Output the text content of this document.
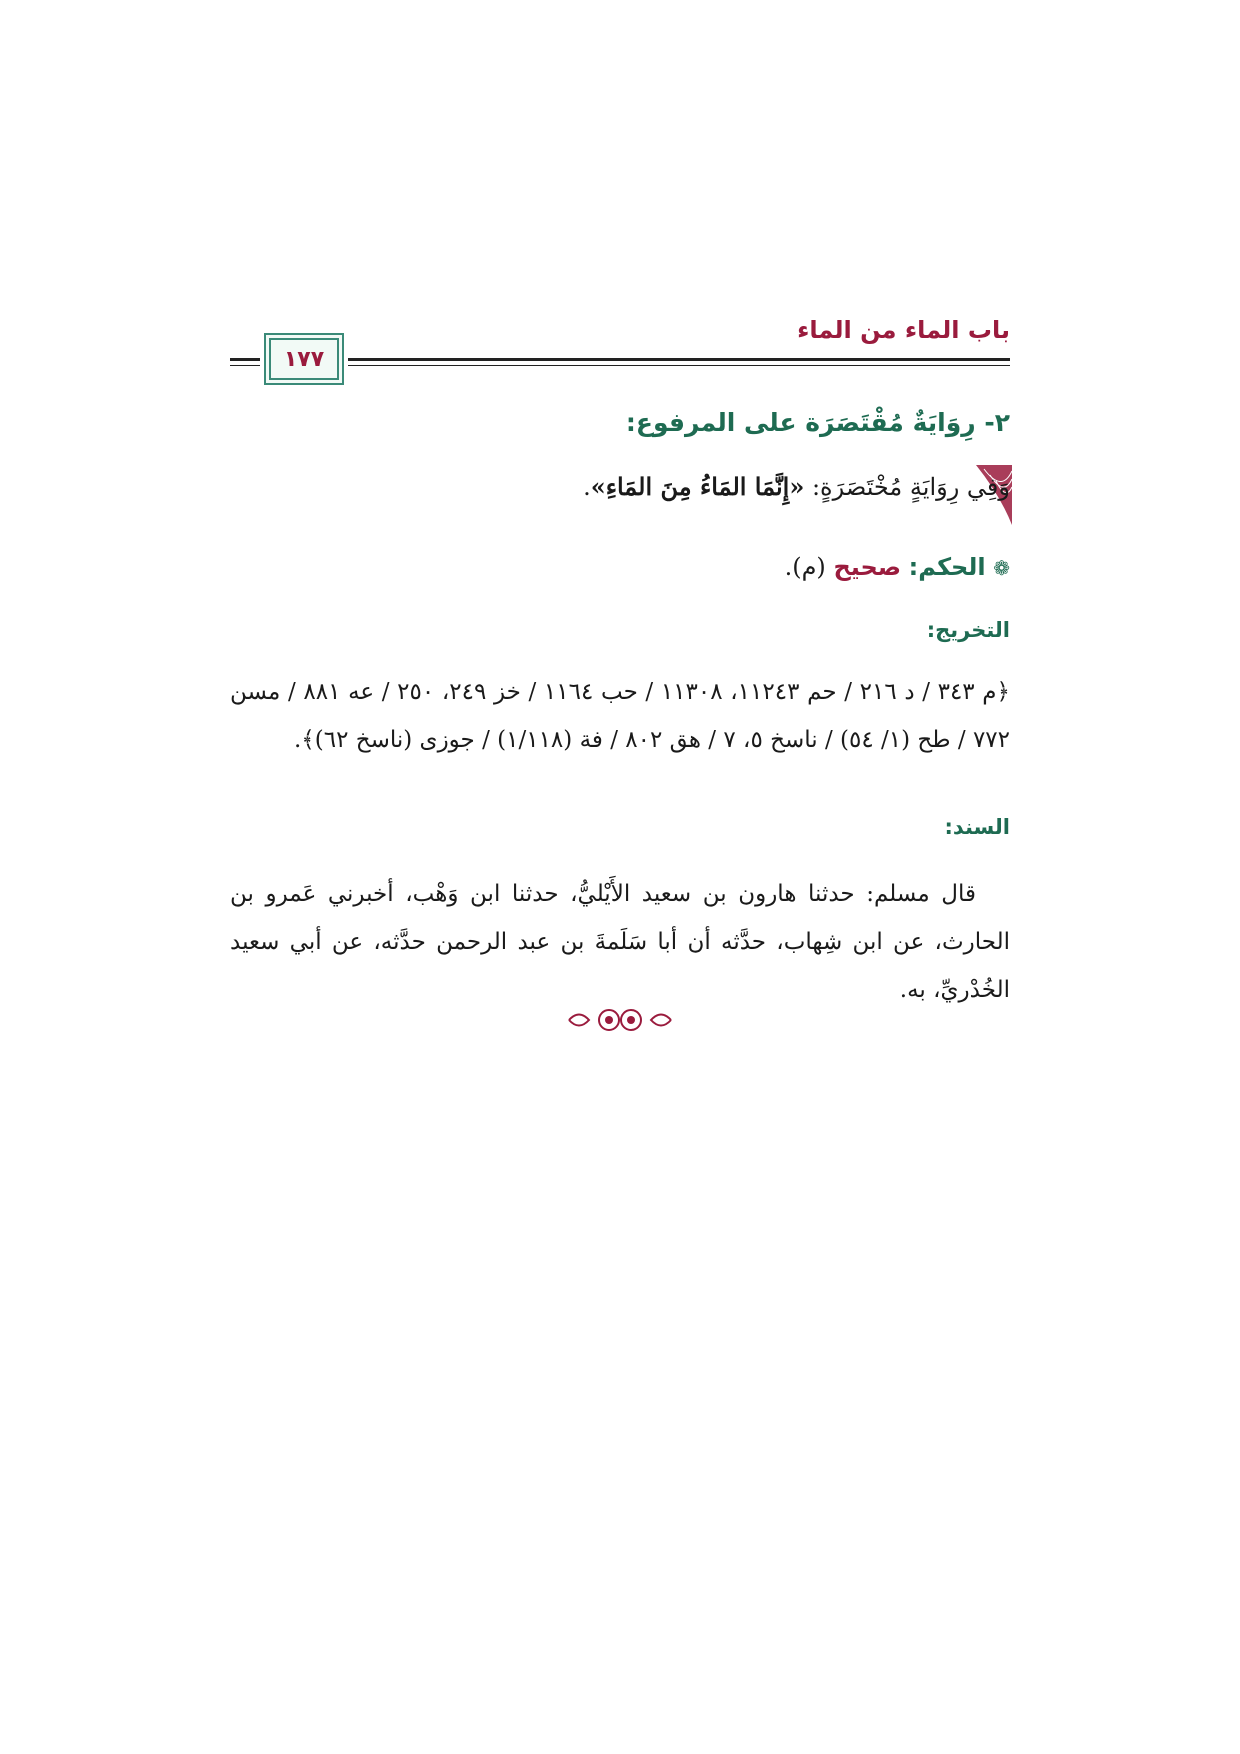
باب الماء من الماء
١٧٧
٢- رِوَايَةٌ مُقْتَصَرَة على المرفوع:
وَفِي رِوَايَةٍ مُخْتَصَرَةٍ: «إِنَّمَا المَاءُ مِنَ المَاءِ».
❁ الحكم: صحيح (م).
التخريج:
﴿م ٣٤٣ / د ٢١٦ / حم ١١٢٤٣، ١١٣٠٨ / حب ١١٦٤ / خز ٢٤٩، ٢٥٠ / عه ٨٨١ / مسن ٧٧٢ / طح (١/ ٥٤) / ناسخ ٥، ٧ / هق ٨٠٢ / فة (١/١١٨) / جوزى (ناسخ ٦٢)﴾.
السند:
قال مسلم: حدثنا هارون بن سعيد الأَيْليُّ، حدثنا ابن وَهْب، أخبرني عَمرو بن الحارث، عن ابن شِهاب، حدَّثه أن أبا سَلَمةَ بن عبد الرحمن حدَّثه، عن أبي سعيد الخُدْريِّ، به.
